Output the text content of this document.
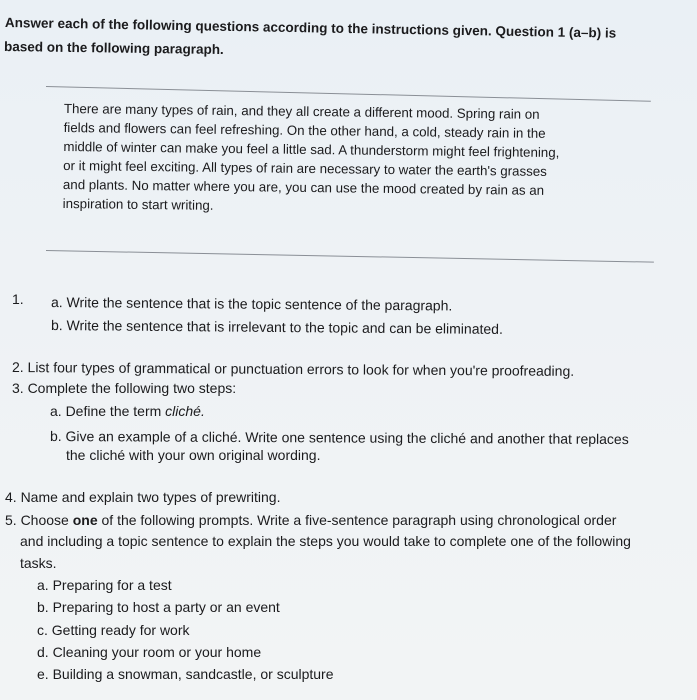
Answer each of the following questions according to the instructions given. Question 1 (a–b) is
based on the following paragraph.
There are many types of rain, and they all create a different mood. Spring rain on
fields and flowers can feel refreshing. On the other hand, a cold, steady rain in the
middle of winter can make you feel a little sad. A thunderstorm might feel frightening,
or it might feel exciting. All types of rain are necessary to water the earth's grasses
and plants. No matter where you are, you can use the mood created by rain as an
inspiration to start writing.
1. a. Write the sentence that is the topic sentence of the paragraph.
b. Write the sentence that is irrelevant to the topic and can be eliminated.
2. List four types of grammatical or punctuation errors to look for when you're proofreading.
3. Complete the following two steps:
a. Define the term cliché.
b. Give an example of a cliché. Write one sentence using the cliché and another that replaces
the cliché with your own original wording.
4. Name and explain two types of prewriting.
5. Choose one of the following prompts. Write a five-sentence paragraph using chronological order
and including a topic sentence to explain the steps you would take to complete one of the following
tasks.
a. Preparing for a test
b. Preparing to host a party or an event
c. Getting ready for work
d. Cleaning your room or your home
e. Building a snowman, sandcastle, or sculpture
